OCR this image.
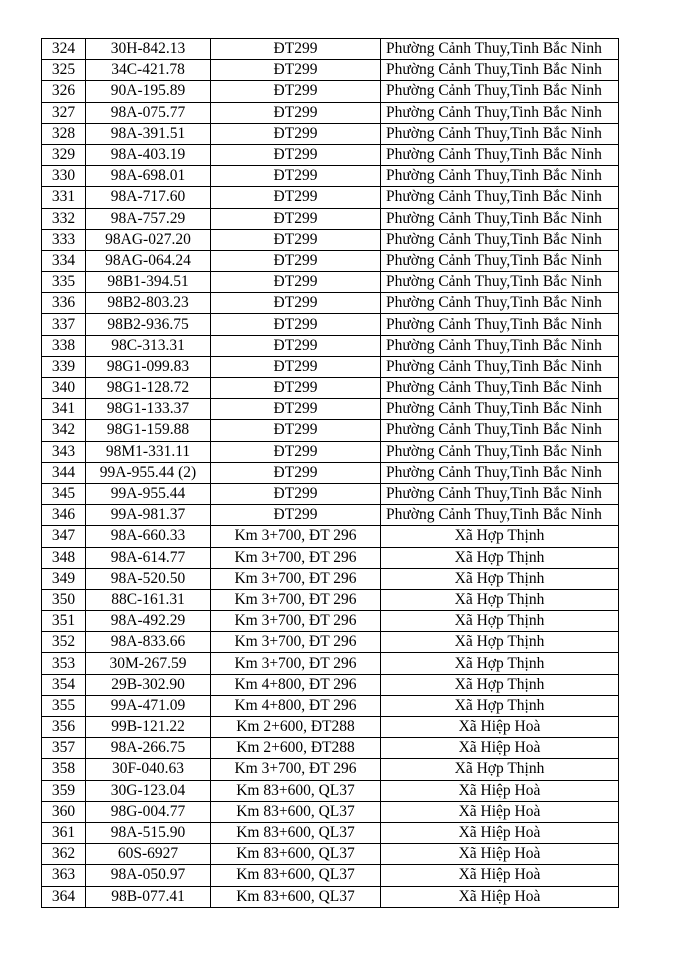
324	30H-842.13	ĐT299	Phường Cảnh Thuy,Tinh Bắc Ninh
325	34C-421.78	ĐT299	Phường Cảnh Thuy,Tinh Bắc Ninh
326	90A-195.89	ĐT299	Phường Cảnh Thuy,Tinh Bắc Ninh
327	98A-075.77	ĐT299	Phường Cảnh Thuy,Tinh Bắc Ninh
328	98A-391.51	ĐT299	Phường Cảnh Thuy,Tinh Bắc Ninh
329	98A-403.19	ĐT299	Phường Cảnh Thuy,Tinh Bắc Ninh
330	98A-698.01	ĐT299	Phường Cảnh Thuy,Tinh Bắc Ninh
331	98A-717.60	ĐT299	Phường Cảnh Thuy,Tinh Bắc Ninh
332	98A-757.29	ĐT299	Phường Cảnh Thuy,Tinh Bắc Ninh
333	98AG-027.20	ĐT299	Phường Cảnh Thuy,Tinh Bắc Ninh
334	98AG-064.24	ĐT299	Phường Cảnh Thuy,Tinh Bắc Ninh
335	98B1-394.51	ĐT299	Phường Cảnh Thuy,Tinh Bắc Ninh
336	98B2-803.23	ĐT299	Phường Cảnh Thuy,Tinh Bắc Ninh
337	98B2-936.75	ĐT299	Phường Cảnh Thuy,Tinh Bắc Ninh
338	98C-313.31	ĐT299	Phường Cảnh Thuy,Tinh Bắc Ninh
339	98G1-099.83	ĐT299	Phường Cảnh Thuy,Tinh Bắc Ninh
340	98G1-128.72	ĐT299	Phường Cảnh Thuy,Tinh Bắc Ninh
341	98G1-133.37	ĐT299	Phường Cảnh Thuy,Tinh Bắc Ninh
342	98G1-159.88	ĐT299	Phường Cảnh Thuy,Tinh Bắc Ninh
343	98M1-331.11	ĐT299	Phường Cảnh Thuy,Tinh Bắc Ninh
344	99A-955.44 (2)	ĐT299	Phường Cảnh Thuy,Tinh Bắc Ninh
345	99A-955.44	ĐT299	Phường Cảnh Thuy,Tinh Bắc Ninh
346	99A-981.37	ĐT299	Phường Cảnh Thuy,Tinh Bắc Ninh
347	98A-660.33	Km 3+700, ĐT 296	Xã Hợp Thịnh
348	98A-614.77	Km 3+700, ĐT 296	Xã Hợp Thịnh
349	98A-520.50	Km 3+700, ĐT 296	Xã Hợp Thịnh
350	88C-161.31	Km 3+700, ĐT 296	Xã Hợp Thịnh
351	98A-492.29	Km 3+700, ĐT 296	Xã Hợp Thịnh
352	98A-833.66	Km 3+700, ĐT 296	Xã Hợp Thịnh
353	30M-267.59	Km 3+700, ĐT 296	Xã Hợp Thịnh
354	29B-302.90	Km 4+800, ĐT 296	Xã Hợp Thịnh
355	99A-471.09	Km 4+800, ĐT 296	Xã Hợp Thịnh
356	99B-121.22	Km 2+600, ĐT288	Xã Hiệp Hoà
357	98A-266.75	Km 2+600, ĐT288	Xã Hiệp Hoà
358	30F-040.63	Km 3+700, ĐT 296	Xã Hợp Thịnh
359	30G-123.04	Km 83+600, QL37	Xã Hiệp Hoà
360	98G-004.77	Km 83+600, QL37	Xã Hiệp Hoà
361	98A-515.90	Km 83+600, QL37	Xã Hiệp Hoà
362	60S-6927	Km 83+600, QL37	Xã Hiệp Hoà
363	98A-050.97	Km 83+600, QL37	Xã Hiệp Hoà
364	98B-077.41	Km 83+600, QL37	Xã Hiệp Hoà
